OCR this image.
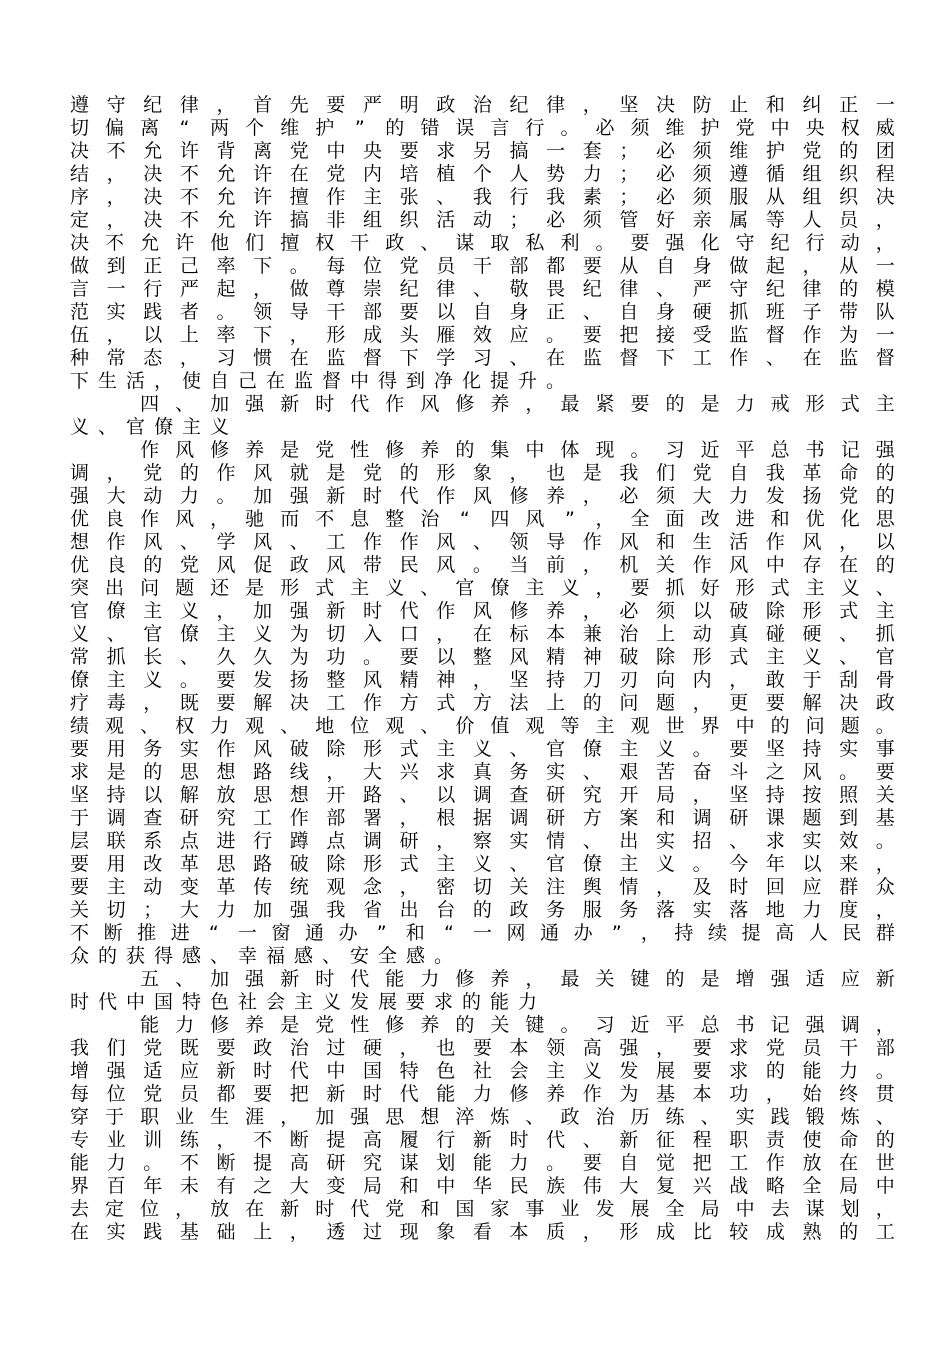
遵 守 纪 律 ， 首 先 要 严 明 政 治 纪 律 ， 坚 决 防 止 和 纠 正 一
切 偏 离 “ 两 个 维 护 ” 的 错 误 言 行 。 必 须 维 护 党 中 央 权 威
决 不 允 许 背 离 党 中 央 要 求 另 搞 一 套 ； 必 须 维 护 党 的 团
结 ， 决 不 允 许 在 党 内 培 植 个 人 势 力 ； 必 须 遵 循 组 织 程
序 ， 决 不 允 许 擅 作 主 张 、 我 行 我 素 ； 必 须 服 从 组 织 决
定 ， 决 不 允 许 搞 非 组 织 活 动 ； 必 须 管 好 亲 属 等 人 员 ，
决 不 允 许 他 们 擅 权 干 政 、 谋 取 私 利 。 要 强 化 守 纪 行 动 ，
做 到 正 己 率 下 。 每 位 党 员 干 部 都 要 从 自 身 做 起 ， 从 一
言 一 行 严 起 ， 做 尊 崇 纪 律 、 敬 畏 纪 律 、 严 守 纪 律 的 模
范 实 践 者 。 领 导 干 部 要 以 自 身 正 、 自 身 硬 抓 班 子 带 队
伍 ， 以 上 率 下 ， 形 成 头 雁 效 应 。 要 把 接 受 监 督 作 为 一
种 常 态 ， 习 惯 在 监 督 下 学 习 、 在 监 督 下 工 作 、 在 监 督
下 生 活 ， 使 自 己 在 监 督 中 得 到 净 化 提 升 。

四 、 加 强 新 时 代 作 风 修 养 ， 最 紧 要 的 是 力 戒 形 式 主
义 、 官 僚 主 义

作 风 修 养 是 党 性 修 养 的 集 中 体 现 。 习 近 平 总 书 记 强
调 ， 党 的 作 风 就 是 党 的 形 象 ， 也 是 我 们 党 自 我 革 命 的
强 大 动 力 。 加 强 新 时 代 作 风 修 养 ， 必 须 大 力 发 扬 党 的
优 良 作 风 ， 驰 而 不 息 整 治 “ 四 风 ” ， 全 面 改 进 和 优 化 思
想 作 风 、 学 风 、 工 作 作 风 、 领 导 作 风 和 生 活 作 风 ， 以
优 良 的 党 风 促 政 风 带 民 风 。 当 前 ， 机 关 作 风 中 存 在 的
突 出 问 题 还 是 形 式 主 义 、 官 僚 主 义 ， 要 抓 好 形 式 主 义 、
官 僚 主 义 ， 加 强 新 时 代 作 风 修 养 ， 必 须 以 破 除 形 式 主
义 、 官 僚 主 义 为 切 入 口 ， 在 标 本 兼 治 上 动 真 碰 硬 、 抓
常 抓 长 、 久 久 为 功 。 要 以 整 风 精 神 破 除 形 式 主 义 、 官
僚 主 义 。 要 发 扬 整 风 精 神 ， 坚 持 刀 刃 向 内 ， 敢 于 刮 骨
疗 毒 ， 既 要 解 决 工 作 方 式 方 法 上 的 问 题 ， 更 要 解 决 政
绩 观 、 权 力 观 、 地 位 观 、 价 值 观 等 主 观 世 界 中 的 问 题 。
要 用 务 实 作 风 破 除 形 式 主 义 、 官 僚 主 义 。 要 坚 持 实 事
求 是 的 思 想 路 线 ， 大 兴 求 真 务 实 、 艰 苦 奋 斗 之 风 。 要
坚 持 以 解 放 思 想 开 路 、 以 调 查 研 究 开 局 ， 坚 持 按 照 关
于 调 查 研 究 工 作 部 署 ， 根 据 调 研 方 案 和 调 研 课 题 到 基
层 联 系 点 进 行 蹲 点 调 研 ， 察 实 情 、 出 实 招 、 求 实 效 。
要 用 改 革 思 路 破 除 形 式 主 义 、 官 僚 主 义 。 今 年 以 来 ，
要 主 动 变 革 传 统 观 念 ， 密 切 关 注 舆 情 ， 及 时 回 应 群 众
关 切 ； 大 力 加 强 我 省 出 台 的 政 务 服 务 落 实 落 地 力 度 ，
不 断 推 进 “ 一 窗 通 办 ” 和 “ 一 网 通 办 ” ， 持 续 提 高 人 民 群
众 的 获 得 感 、 幸 福 感 、 安 全 感 。

五 、 加 强 新 时 代 能 力 修 养 ， 最 关 键 的 是 增 强 适 应 新
时 代 中 国 特 色 社 会 主 义 发 展 要 求 的 能 力

能 力 修 养 是 党 性 修 养 的 关 键 。 习 近 平 总 书 记 强 调 ，
我 们 党 既 要 政 治 过 硬 ， 也 要 本 领 高 强 ， 要 求 党 员 干 部
增 强 适 应 新 时 代 中 国 特 色 社 会 主 义 发 展 要 求 的 能 力 。
每 位 党 员 都 要 把 新 时 代 能 力 修 养 作 为 基 本 功 ， 始 终 贯
穿 于 职 业 生 涯 ， 加 强 思 想 淬 炼 、 政 治 历 练 、 实 践 锻 炼 、
专 业 训 练 ， 不 断 提 高 履 行 新 时 代 、 新 征 程 职 责 使 命 的
能 力 。 不 断 提 高 研 究 谋 划 能 力 。 要 自 觉 把 工 作 放 在 世
界 百 年 未 有 之 大 变 局 和 中 华 民 族 伟 大 复 兴 战 略 全 局 中
去 定 位 ， 放 在 新 时 代 党 和 国 家 事 业 发 展 全 局 中 去 谋 划 ，
在 实 践 基 础 上 ， 透 过 现 象 看 本 质 ， 形 成 比 较 成 熟 的 工
